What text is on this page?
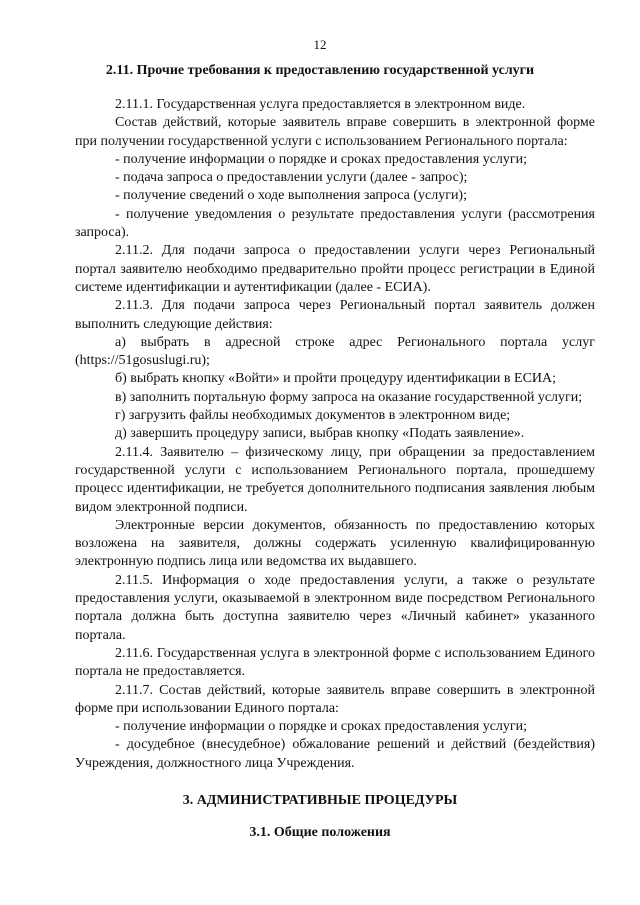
12
2.11. Прочие требования к предоставлению государственной услуги

2.11.1. Государственная услуга предоставляется в электронном виде.

Состав действий, которые заявитель вправе совершить в электронной форме при получении государственной услуги с использованием Регионального портала:

- получение информации о порядке и сроках предоставления услуги;

- подача запроса о предоставлении услуги (далее - запрос);

- получение сведений о ходе выполнения запроса (услуги);

- получение уведомления о результате предоставления услуги (рассмотрения запроса).

2.11.2. Для подачи запроса о предоставлении услуги через Региональный портал заявителю необходимо предварительно пройти процесс регистрации в Единой системе идентификации и аутентификации (далее - ЕСИА).

2.11.3. Для подачи запроса через Региональный портал заявитель должен выполнить следующие действия:

а) выбрать в адресной строке адрес Регионального портала услуг (https://51gosuslugi.ru);

б) выбрать кнопку «Войти» и пройти процедуру идентификации в ЕСИА;

в) заполнить портальную форму запроса на оказание государственной услуги;

г) загрузить файлы необходимых документов в электронном виде;

д) завершить процедуру записи, выбрав кнопку «Подать заявление».

2.11.4. Заявителю – физическому лицу, при обращении за предоставлением государственной услуги с использованием Регионального портала, прошедшему процесс идентификации, не требуется дополнительного подписания заявления любым видом электронной подписи.

Электронные версии документов, обязанность по предоставлению которых возложена на заявителя, должны содержать усиленную квалифицированную электронную подпись лица или ведомства их выдавшего.

2.11.5. Информация о ходе предоставления услуги, а также о результате предоставления услуги, оказываемой в электронном виде посредством Регионального портала должна быть доступна заявителю через «Личный кабинет» указанного портала.

2.11.6. Государственная услуга в электронной форме с использованием Единого портала не предоставляется.

2.11.7. Состав действий, которые заявитель вправе совершить в электронной форме при использовании Единого портала:

- получение информации о порядке и сроках предоставления услуги;

- досудебное (внесудебное) обжалование решений и действий (бездействия) Учреждения, должностного лица Учреждения.

3. АДМИНИСТРАТИВНЫЕ ПРОЦЕДУРЫ
3.1. Общие положения
